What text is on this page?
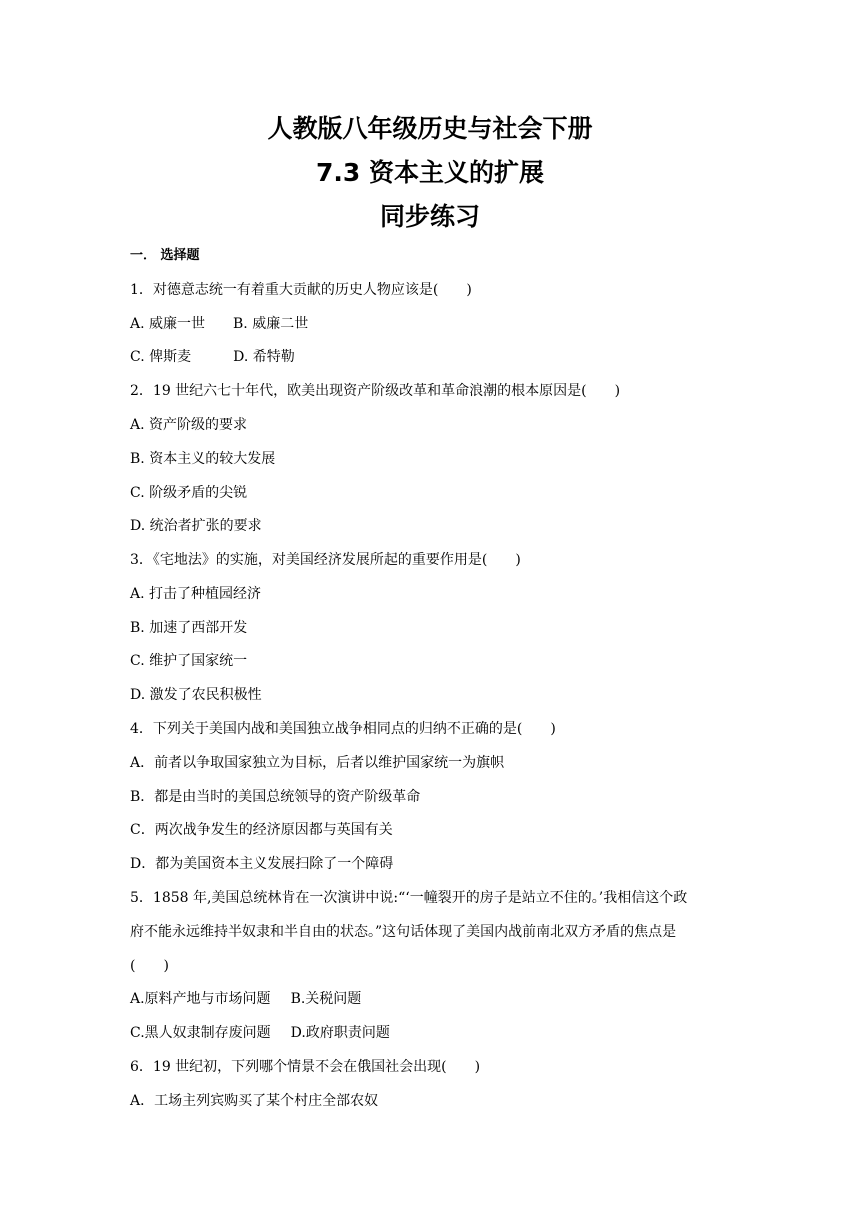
人教版八年级历史与社会下册
7.3 资本主义的扩展
同步练习
一． 选择题
1．对德意志统一有着重大贡献的历史人物应该是(　　)
A. 威廉一世 B. 威廉二世
C. 俾斯麦	D. 希特勒
2．19 世纪六七十年代，欧美出现资产阶级改革和革命浪潮的根本原因是(　　)
A. 资产阶级的要求
B. 资本主义的较大发展
C. 阶级矛盾的尖锐
D. 统治者扩张的要求
3．《宅地法》的实施，对美国经济发展所起的重要作用是(　　)
A. 打击了种植园经济
B. 加速了西部开发
C. 维护了国家统一
D. 激发了农民积极性
4．下列关于美国内战和美国独立战争相同点的归纳不正确的是(　　)
A．前者以争取国家独立为目标，后者以维护国家统一为旗帜
B．都是由当时的美国总统领导的资产阶级革命
C．两次战争发生的经济原因都与英国有关
D．都为美国资本主义发展扫除了一个障碍
5．1858 年,美国总统林肯在一次演讲中说:“‘一幢裂开的房子是站立不住的。’我相信这个政
府不能永远维持半奴隶和半自由的状态。”这句话体现了美国内战前南北双方矛盾的焦点是
(　　)
A.原料产地与市场问题 B.关税问题
C.黑人奴隶制存废问题 D.政府职责问题
6．19 世纪初，下列哪个情景不会在俄国社会出现(　　)
A．工场主列宾购买了某个村庄全部农奴
